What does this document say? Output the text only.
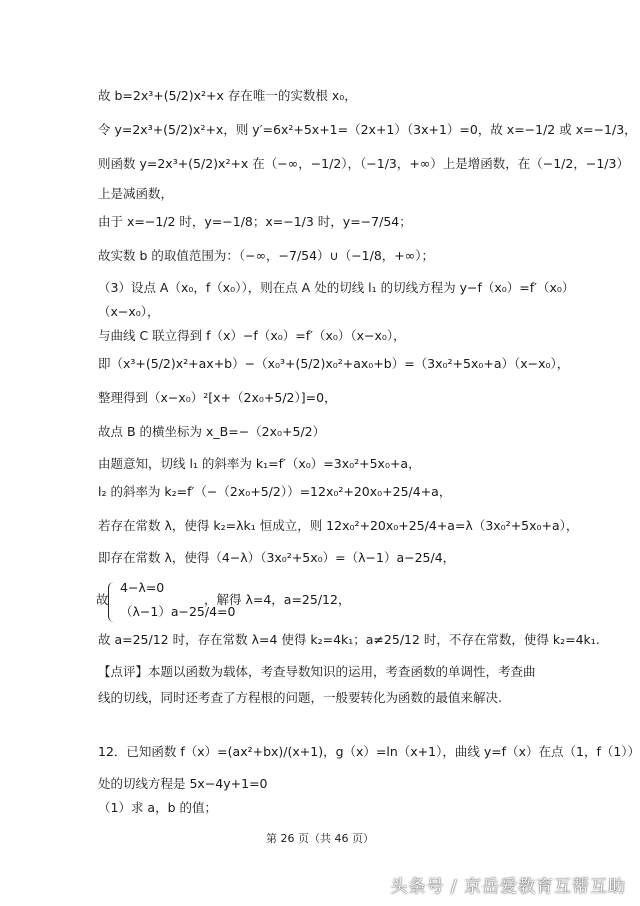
故 b=2x³+(5/2)x²+x 存在唯一的实数根 x₀，
令 y=2x³+(5/2)x²+x，则 y′=6x²+5x+1=（2x+1）（3x+1）=0，故 x=−1/2 或 x=−1/3，
则函数 y=2x³+(5/2)x²+x 在（−∞，−1/2），（−1/3，+∞）上是增函数，在（−1/2，−1/3）
上是减函数，
由于 x=−1/2 时，y=−1/8；x=−1/3 时，y=−7/54；
故实数 b 的取值范围为：（−∞，−7/54）∪（−1/8，+∞）；
（3）设点 A（x₀，f（x₀）），则在点 A 处的切线 l₁ 的切线方程为 y−f（x₀）=f′（x₀）
（x−x₀），
与曲线 C 联立得到 f（x）−f（x₀）=f′（x₀）（x−x₀），
即（x³+(5/2)x²+ax+b）−（x₀³+(5/2)x₀²+ax₀+b）=（3x₀²+5x₀+a）（x−x₀），
整理得到（x−x₀）²[x+（2x₀+5/2）]=0，
故点 B 的横坐标为 x_B=−（2x₀+5/2）
由题意知，切线 l₁ 的斜率为 k₁=f′（x₀）=3x₀²+5x₀+a，
l₂ 的斜率为 k₂=f′（−（2x₀+5/2））=12x₀²+20x₀+25/4+a，
若存在常数 λ，使得 k₂=λk₁ 恒成立，则 12x₀²+20x₀+25/4+a=λ（3x₀²+5x₀+a），
即存在常数 λ，使得（4−λ）（3x₀²+5x₀）=（λ−1）a−25/4，
故 a=25/12 时，存在常数 λ=4 使得 k₂=4k₁；a≠25/12 时，不存在常数，使得 k₂=4k₁.
【点评】本题以函数为载体，考查导数知识的运用，考查函数的单调性，考查曲
线的切线，同时还考查了方程根的问题，一般要转化为函数的最值来解决.
12．已知函数 f（x）=(ax²+bx)/(x+1)，g（x）=ln（x+1），曲线 y=f（x）在点（1，f（1））
处的切线方程是 5x−4y+1=0
（1）求 a，b 的值；
故
4−λ=0
（λ−1）a−25/4=0
，解得 λ=4，a=25/12，
第 26 页（共 46 页）
头条号 / 京岳爱教育互帮互助
